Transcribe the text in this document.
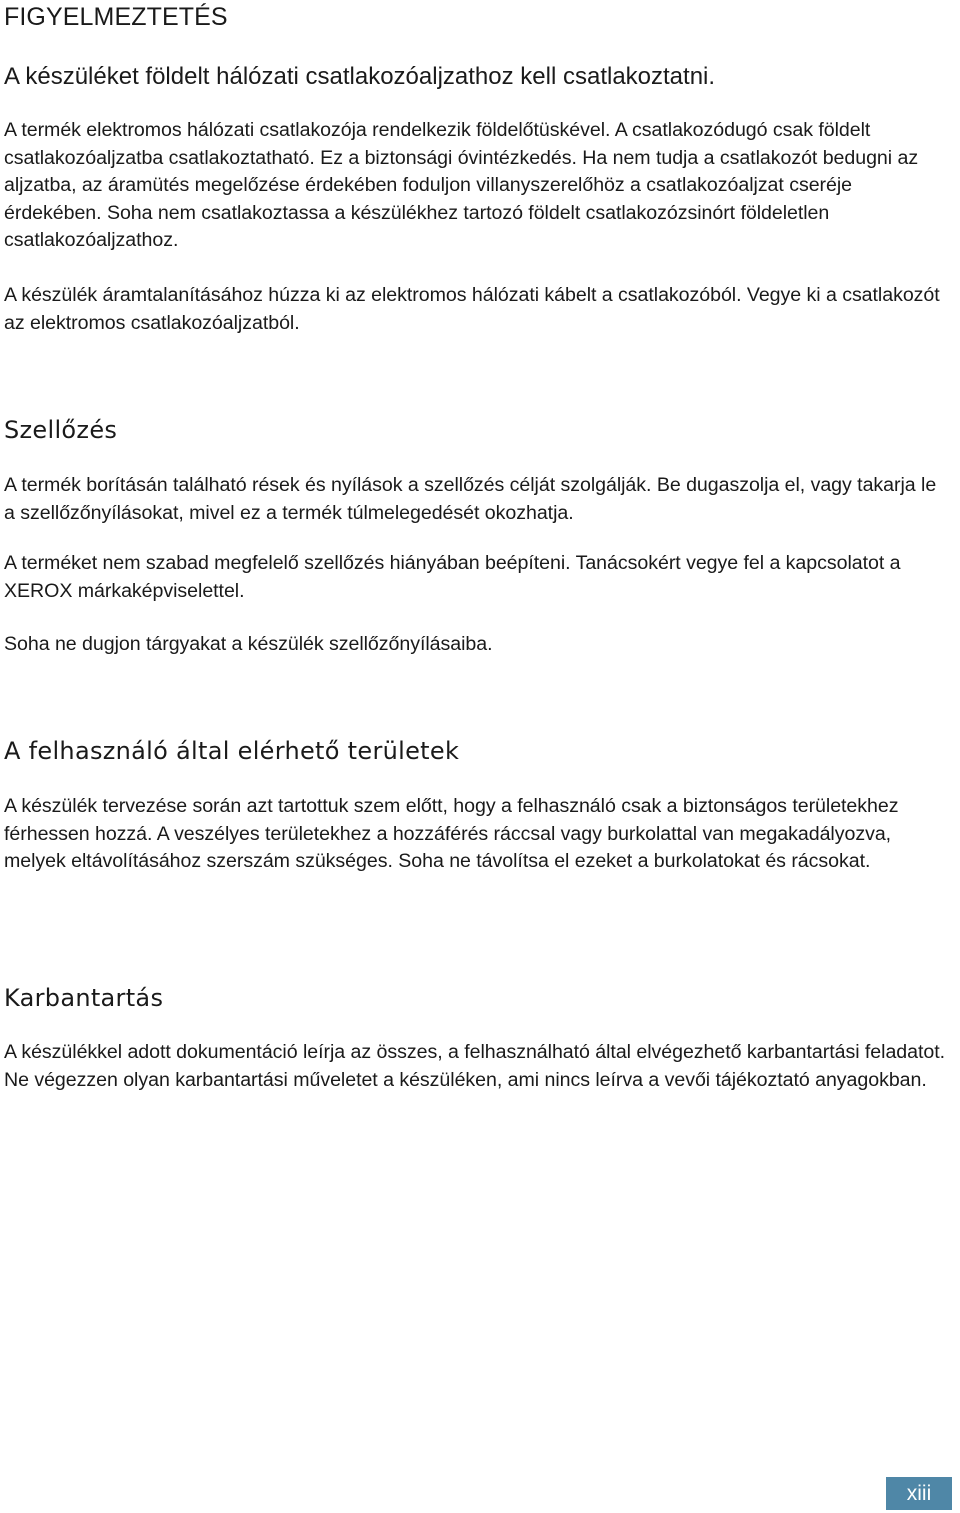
FIGYELMEZTETÉS
A készüléket földelt hálózati csatlakozóaljzathoz kell csatlakoztatni.

A termék elektromos hálózati csatlakozója rendelkezik földelőtüskével. A csatlakozódugó csak földelt csatlakozóaljzatba csatlakoztatható. Ez a biztonsági óvintézkedés. Ha nem tudja a csatlakozót bedugni az aljzatba, az áramütés megelőzése érdekében foduljon villanyszerelőhöz a csatlakozóaljzat cseréje érdekében. Soha nem csatlakoztassa a készülékhez tartozó földelt csatlakozózsinórt földeletlen csatlakozóaljzathoz.

A készülék áramtalanításához húzza ki az elektromos hálózati kábelt a csatlakozóból. Vegye ki a csatlakozót az elektromos csatlakozóaljzatból.

Szellőzés

A termék borításán található rések és nyílások a szellőzés célját szolgálják. Be dugaszolja el, vagy takarja le a szellőzőnyílásokat, mivel ez a termék túlmelegedését okozhatja.

A terméket nem szabad megfelelő szellőzés hiányában beépíteni. Tanácsokért vegye fel a kapcsolatot a XEROX márkaképviselettel.

Soha ne dugjon tárgyakat a készülék szellőzőnyílásaiba.

A felhasználó által elérhető területek

A készülék tervezése során azt tartottuk szem előtt, hogy a felhasználó csak a biztonságos területekhez férhessen hozzá. A veszélyes területekhez a hozzáférés ráccsal vagy burkolattal van megakadályozva, melyek eltávolításához szerszám szükséges. Soha ne távolítsa el ezeket a burkolatokat és rácsokat.

Karbantartás

A készülékkel adott dokumentáció leírja az összes, a felhasználható által elvégezhető karbantartási feladatot. Ne végezzen olyan karbantartási műveletet a készüléken, ami nincs leírva a vevői tájékoztató anyagokban.

xiii
